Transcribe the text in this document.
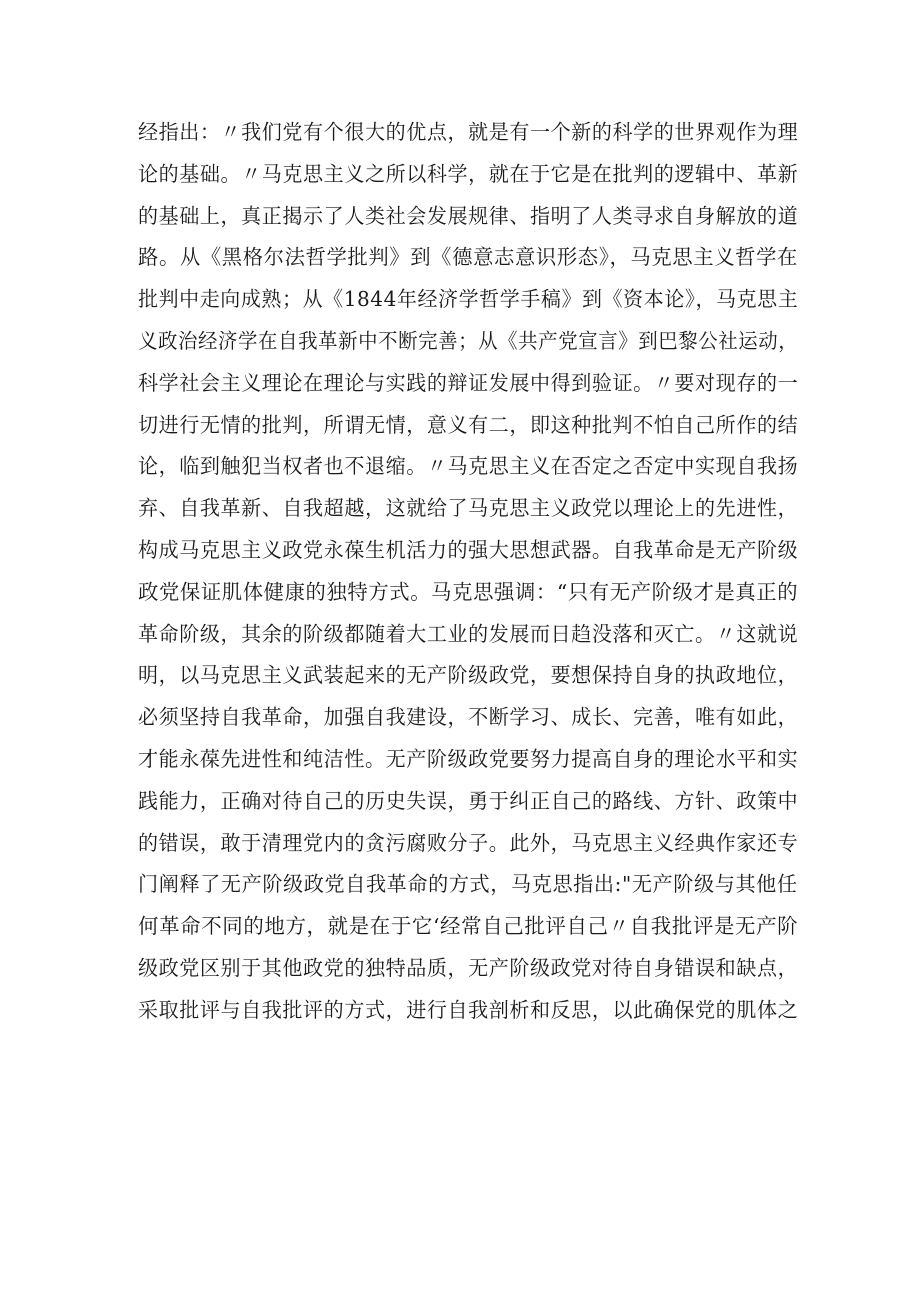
经指出：〃我们党有个很大的优点，就是有一个新的科学的世界观作为理
论的基础。〃马克思主义之所以科学，就在于它是在批判的逻辑中、革新
的基础上，真正揭示了人类社会发展规律、指明了人类寻求自身解放的道
路。从《黑格尔法哲学批判》到《德意志意识形态》，马克思主义哲学在
批判中走向成熟；从《1844年经济学哲学手稿》到《资本论》，马克思主
义政治经济学在自我革新中不断完善；从《共产党宣言》到巴黎公社运动，
科学社会主义理论在理论与实践的辩证发展中得到验证。〃要对现存的一
切进行无情的批判，所谓无情，意义有二，即这种批判不怕自己所作的结
论，临到触犯当权者也不退缩。〃马克思主义在否定之否定中实现自我扬
弃、自我革新、自我超越，这就给了马克思主义政党以理论上的先进性，
构成马克思主义政党永葆生机活力的强大思想武器。自我革命是无产阶级
政党保证肌体健康的独特方式。马克思强调：“只有无产阶级才是真正的
革命阶级，其余的阶级都随着大工业的发展而日趋没落和灭亡。〃这就说
明，以马克思主义武装起来的无产阶级政党，要想保持自身的执政地位，
必须坚持自我革命，加强自我建设，不断学习、成长、完善，唯有如此，
才能永葆先进性和纯洁性。无产阶级政党要努力提高自身的理论水平和实
践能力，正确对待自己的历史失误，勇于纠正自己的路线、方针、政策中
的错误，敢于清理党内的贪污腐败分子。此外，马克思主义经典作家还专
门阐释了无产阶级政党自我革命的方式，马克思指出:"无产阶级与其他任
何革命不同的地方，就是在于它‘经常自己批评自己〃自我批评是无产阶
级政党区别于其他政党的独特品质，无产阶级政党对待自身错误和缺点，
采取批评与自我批评的方式，进行自我剖析和反思，以此确保党的肌体之
